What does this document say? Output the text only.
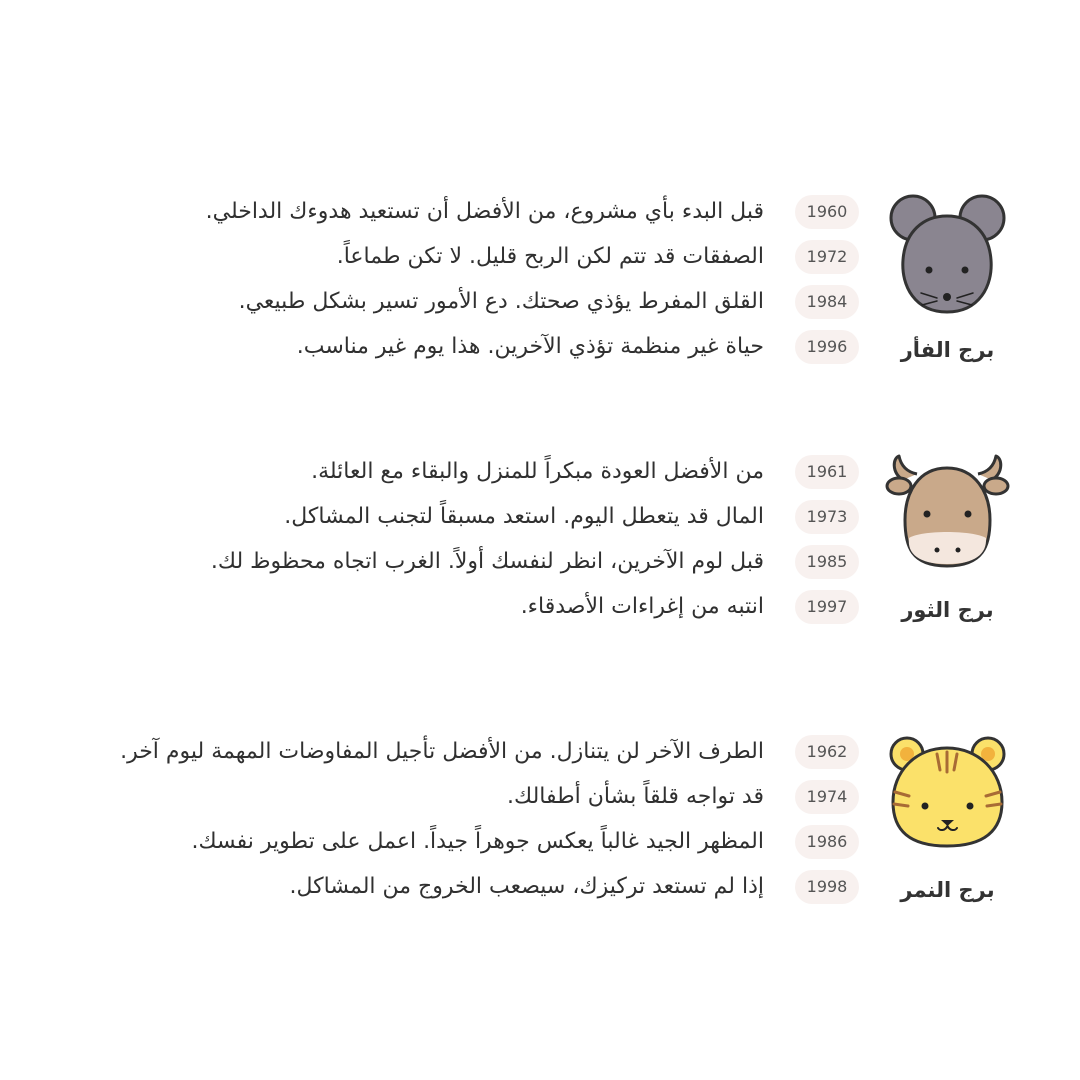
برج الفأر
1960
قبل البدء بأي مشروع، من الأفضل أن تستعيد هدوءك الداخلي.
1972
الصفقات قد تتم لكن الربح قليل. لا تكن طماعاً.
1984
القلق المفرط يؤذي صحتك. دع الأمور تسير بشكل طبيعي.
1996
حياة غير منظمة تؤذي الآخرين. هذا يوم غير مناسب.
برج الثور
1961
من الأفضل العودة مبكراً للمنزل والبقاء مع العائلة.
1973
المال قد يتعطل اليوم. استعد مسبقاً لتجنب المشاكل.
1985
قبل لوم الآخرين، انظر لنفسك أولاً. الغرب اتجاه محظوظ لك.
1997
انتبه من إغراءات الأصدقاء.
برج النمر
1962
الطرف الآخر لن يتنازل. من الأفضل تأجيل المفاوضات المهمة ليوم آخر.
1974
قد تواجه قلقاً بشأن أطفالك.
1986
المظهر الجيد غالباً يعكس جوهراً جيداً. اعمل على تطوير نفسك.
1998
إذا لم تستعد تركيزك، سيصعب الخروج من المشاكل.
